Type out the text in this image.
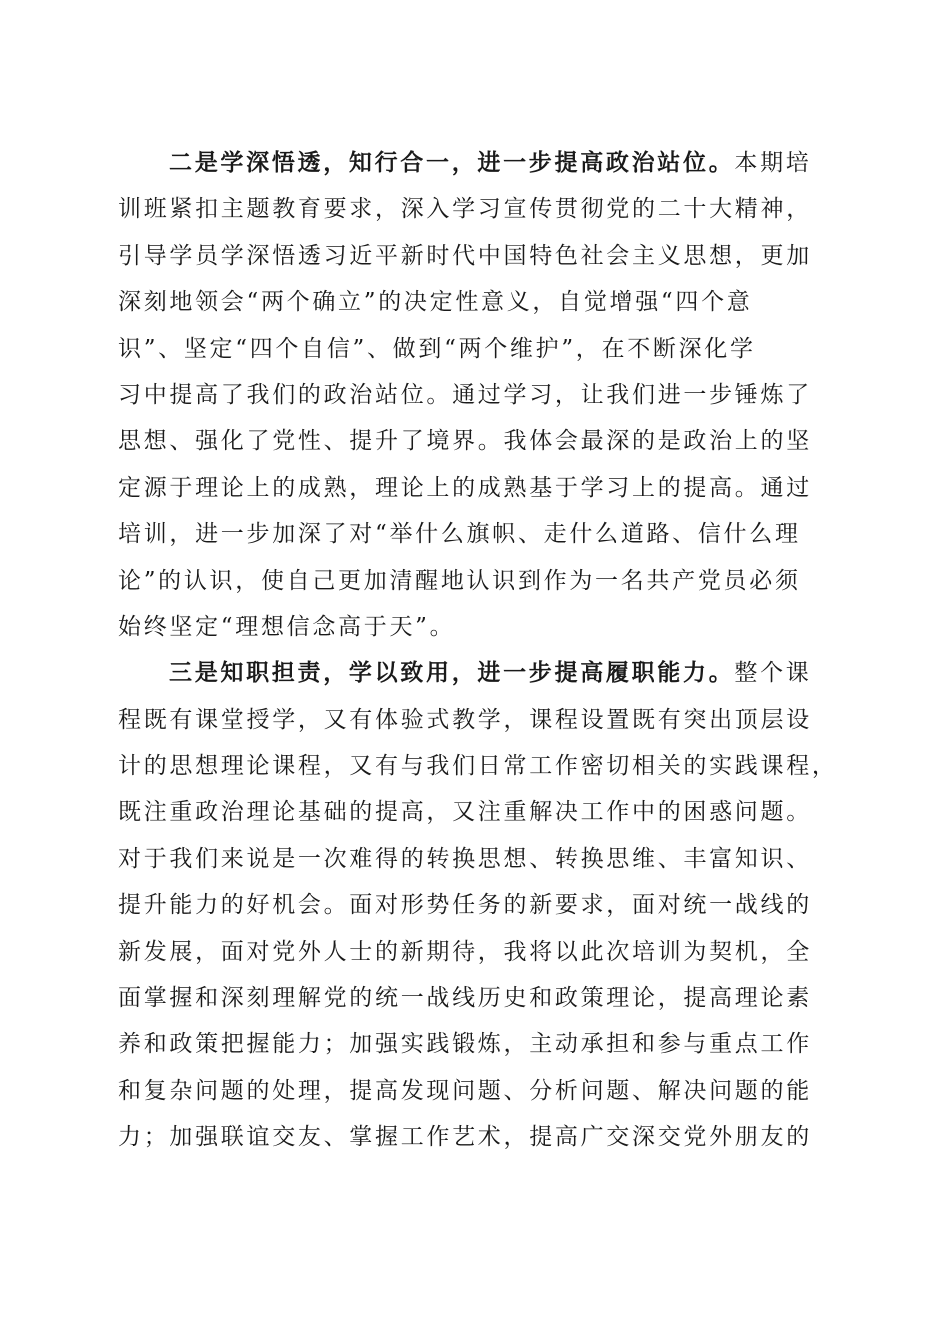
二是学深悟透，知行合一，进一步提高政治站位。本期培
训班紧扣主题教育要求，深入学习宣传贯彻党的二十大精神，
引导学员学深悟透习近平新时代中国特色社会主义思想，更加
深刻地领会“两个确立”的决定性意义，自觉增强“四个意
识”、坚定“四个自信”、做到“两个维护”，在不断深化学
习中提高了我们的政治站位。通过学习，让我们进一步锤炼了
思想、强化了党性、提升了境界。我体会最深的是政治上的坚
定源于理论上的成熟，理论上的成熟基于学习上的提高。通过
培训，进一步加深了对“举什么旗帜、走什么道路、信什么理
论”的认识，使自己更加清醒地认识到作为一名共产党员必须
始终坚定“理想信念高于天”。
三是知职担责，学以致用，进一步提高履职能力。整个课
程既有课堂授学，又有体验式教学，课程设置既有突出顶层设
计的思想理论课程，又有与我们日常工作密切相关的实践课程，
既注重政治理论基础的提高，又注重解决工作中的困惑问题。
对于我们来说是一次难得的转换思想、转换思维、丰富知识、
提升能力的好机会。面对形势任务的新要求，面对统一战线的
新发展，面对党外人士的新期待，我将以此次培训为契机，全
面掌握和深刻理解党的统一战线历史和政策理论，提高理论素
养和政策把握能力；加强实践锻炼，主动承担和参与重点工作
和复杂问题的处理，提高发现问题、分析问题、解决问题的能
力；加强联谊交友、掌握工作艺术，提高广交深交党外朋友的
